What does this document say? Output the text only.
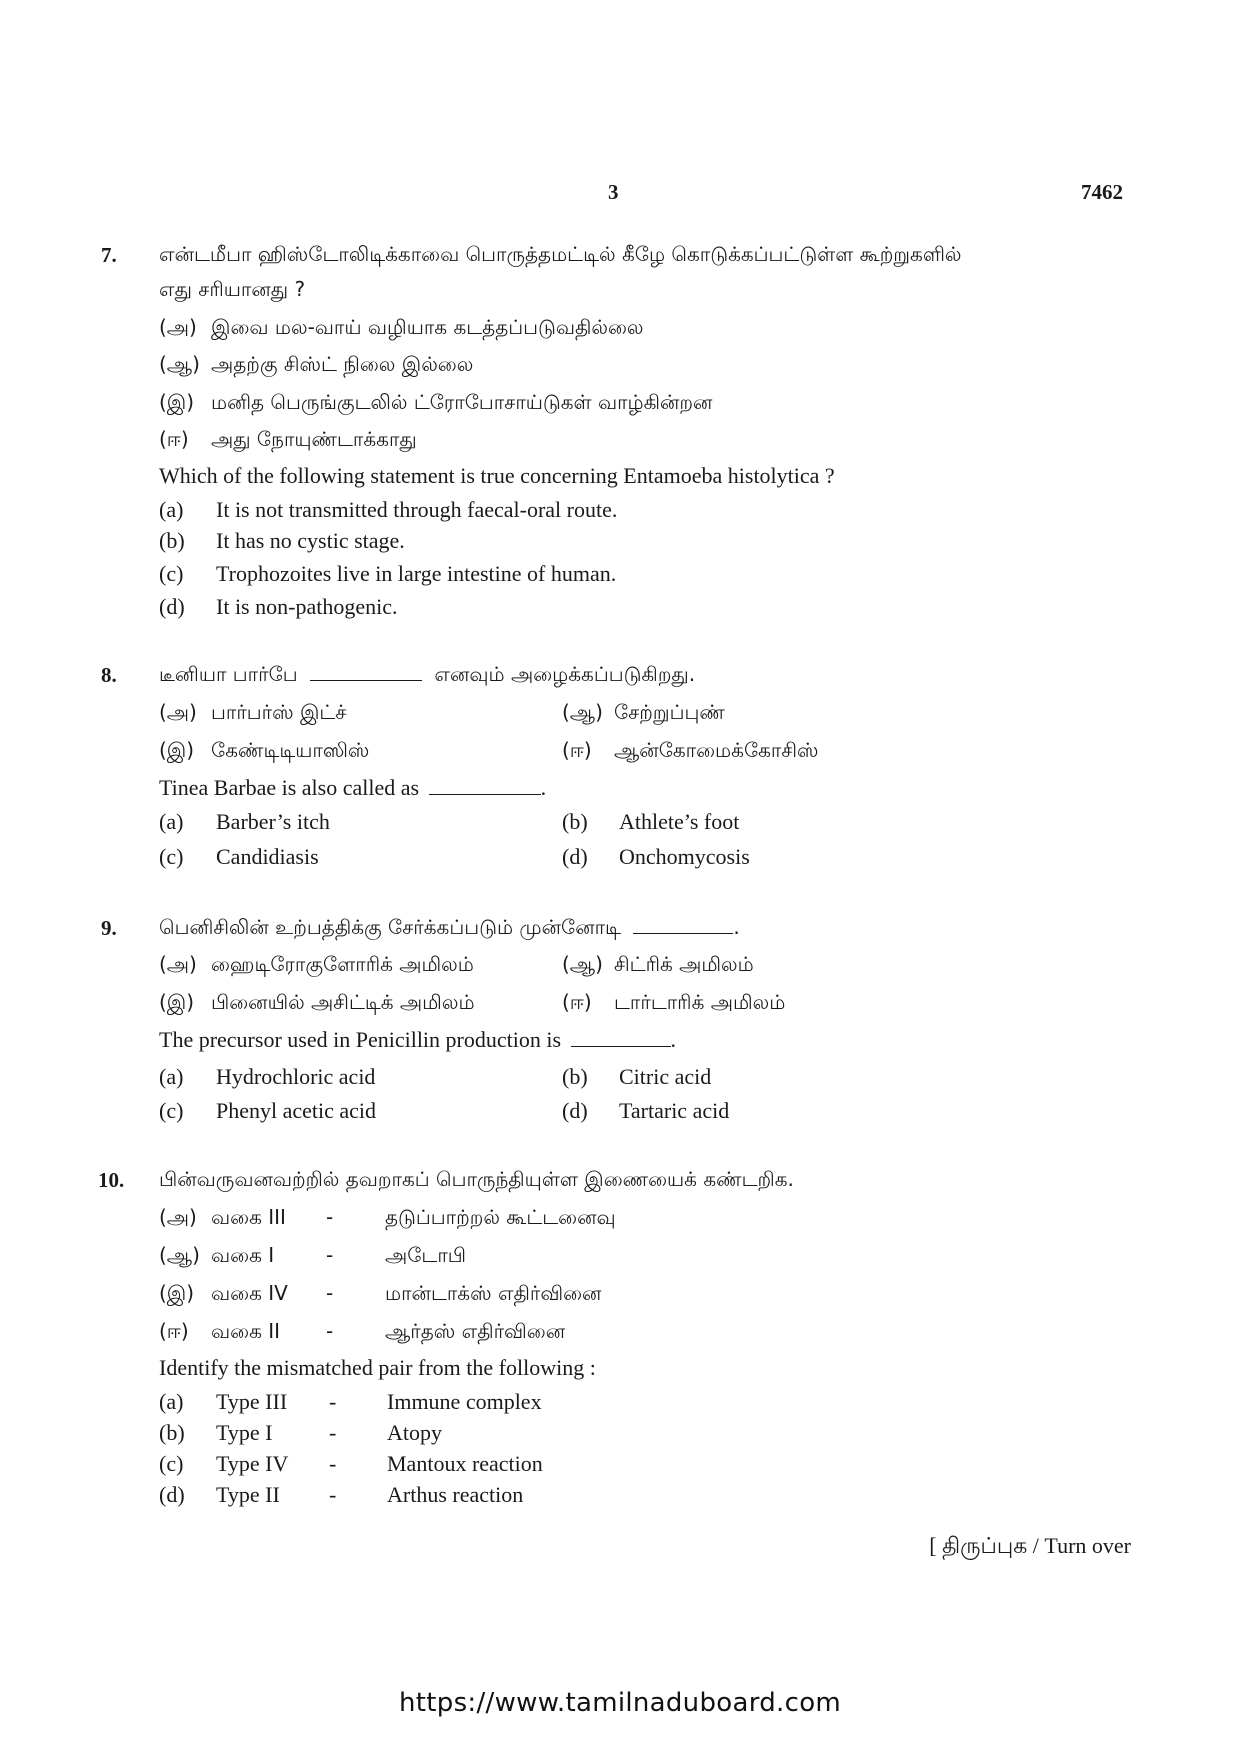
3	7462
7. என்டமீபா ஹிஸ்டோலிடிக்காவை பொருத்தமட்டில் கீழே கொடுக்கப்பட்டுள்ள கூற்றுகளில்
எது சரியானது ?
(அ) இவை மல-வாய் வழியாக கடத்தப்படுவதில்லை
(ஆ) அதற்கு சிஸ்ட் நிலை இல்லை
(இ) மனித பெருங்குடலில் ட்ரோபோசாய்டுகள் வாழ்கின்றன
(ஈ) அது நோயுண்டாக்காது
Which of the following statement is true concerning Entamoeba histolytica ?
(a) It is not transmitted through faecal-oral route.
(b) It has no cystic stage.
(c) Trophozoites live in large intestine of human.
(d) It is non-pathogenic.
8. டீனியா பார்பே	எனவும் அழைக்கப்படுகிறது.
(அ) பார்பர்ஸ் இட்ச்	(ஆ) சேற்றுப்புண்
(இ) கேண்டிடியாஸிஸ்	(ஈ) ஆன்கோமைக்கோசிஸ்
Tinea Barbae is also called as	.
(a) Barber’s itch	(b) Athlete’s foot
(c) Candidiasis	(d) Onchomycosis
9. பெனிசிலின் உற்பத்திக்கு சேர்க்கப்படும் முன்னோடி	.
(அ) ஹைடிரோகுளோரிக் அமிலம்	(ஆ) சிட்ரிக் அமிலம்
(இ) பினையில் அசிட்டிக் அமிலம்	(ஈ) டார்டாரிக் அமிலம்
The precursor used in Penicillin production is	.
(a) Hydrochloric acid	(b) Citric acid
(c) Phenyl acetic acid	(d) Tartaric acid
10. பின்வருவனவற்றில் தவறாகப் பொருந்தியுள்ள இணையைக் கண்டறிக.
(அ) வகை III -	தடுப்பாற்றல் கூட்டனைவு
(ஆ) வகை I	-	அடோபி
(இ) வகை IV -	மான்டாக்ஸ் எதிர்வினை
(ஈ) வகை II -	ஆர்தஸ் எதிர்வினை
Identify the mismatched pair from the following :
(a) Type III - Immune complex
(b) Type I	- Atopy
(c) Type IV - Mantoux reaction
(d) Type II - Arthus reaction
[ திருப்புக / Turn over
https://www.tamilnaduboard.com
